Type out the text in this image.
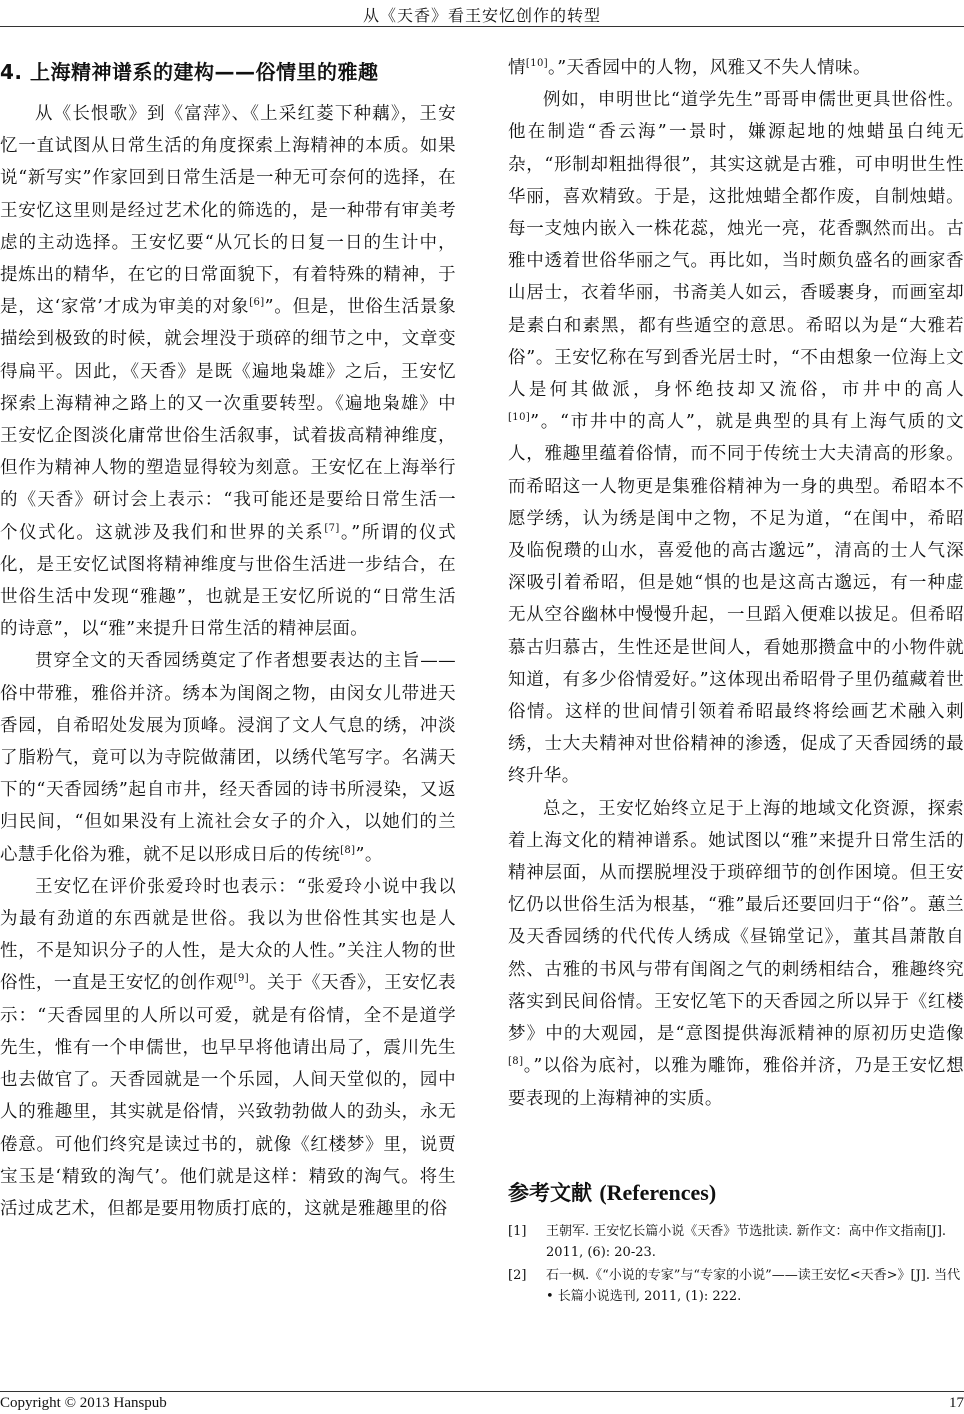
从《天香》看王安忆创作的转型
4. 上海精神谱系的建构——俗情里的雅趣

从《长恨歌》到《富萍》、《上采红菱下种藕》，王安忆一直试图从日常生活的角度探索上海精神的本质。如果说“新写实”作家回到日常生活是一种无可奈何的选择，在王安忆这里则是经过艺术化的筛选的，是一种带有审美考虑的主动选择。王安忆要“从冗长的日复一日的生计中，提炼出的精华，在它的日常面貌下，有着特殊的精神，于是，这‘家常’才成为审美的对象[6]”。但是，世俗生活景象描绘到极致的时候，就会埋没于琐碎的细节之中，文章变得扁平。因此，《天香》是既《遍地枭雄》之后，王安忆探索上海精神之路上的又一次重要转型。《遍地枭雄》中王安忆企图淡化庸常世俗生活叙事，试着拔高精神维度，但作为精神人物的塑造显得较为刻意。王安忆在上海举行的《天香》研讨会上表示：“我可能还是要给日常生活一个仪式化。这就涉及我们和世界的关系[7]。”所谓的仪式化，是王安忆试图将精神维度与世俗生活进一步结合，在世俗生活中发现“雅趣”，也就是王安忆所说的“日常生活的诗意”，以“雅”来提升日常生活的精神层面。

贯穿全文的天香园绣奠定了作者想要表达的主旨——俗中带雅，雅俗并济。绣本为闺阁之物，由闵女儿带进天香园，自希昭处发展为顶峰。浸润了文人气息的绣，冲淡了脂粉气，竟可以为寺院做蒲团，以绣代笔写字。名满天下的“天香园绣”起自市井，经天香园的诗书所浸染，又返归民间，“但如果没有上流社会女子的介入，以她们的兰心慧手化俗为雅，就不足以形成日后的传统[8]”。

王安忆在评价张爱玲时也表示：“张爱玲小说中我以为最有劲道的东西就是世俗。我以为世俗性其实也是人性，不是知识分子的人性，是大众的人性。”关注人物的世俗性，一直是王安忆的创作观[9]。关于《天香》，王安忆表示：“天香园里的人所以可爱，就是有俗情，全不是道学先生，惟有一个申儒世，也早早将他请出局了，震川先生也去做官了。天香园就是一个乐园，人间天堂似的，园中人的雅趣里，其实就是俗情，兴致勃勃做人的劲头，永无倦意。可他们终究是读过书的，就像《红楼梦》里，说贾宝玉是‘精致的淘气’。他们就是这样：精致的淘气。将生活过成艺术，但都是要用物质打底的，这就是雅趣里的俗

情[10]。”天香园中的人物，风雅又不失人情味。

例如，申明世比“道学先生”哥哥申儒世更具世俗性。他在制造“香云海”一景时，嫌源起地的烛蜡虽白纯无杂，“形制却粗拙得很”，其实这就是古雅，可申明世生性华丽，喜欢精致。于是，这批烛蜡全都作废，自制烛蜡。每一支烛内嵌入一株花蕊，烛光一亮，花香飘然而出。古雅中透着世俗华丽之气。再比如，当时颇负盛名的画家香山居士，衣着华丽，书斋美人如云，香暖裹身，而画室却是素白和素黑，都有些遁空的意思。希昭以为是“大雅若俗”。王安忆称在写到香光居士时，“不由想象一位海上文人是何其做派，身怀绝技却又流俗，市井中的高人[10]”。“市井中的高人”，就是典型的具有上海气质的文人，雅趣里蕴着俗情，而不同于传统士大夫清高的形象。而希昭这一人物更是集雅俗精神为一身的典型。希昭本不愿学绣，认为绣是闺中之物，不足为道，“在闺中，希昭及临倪瓒的山水，喜爱他的高古邈远”，清高的士人气深深吸引着希昭，但是她“惧的也是这高古邈远，有一种虚无从空谷幽林中慢慢升起，一旦蹈入便难以拔足。但希昭慕古归慕古，生性还是世间人，看她那攒盒中的小物件就知道，有多少俗情爱好。”这体现出希昭骨子里仍蕴藏着世俗情。这样的世间情引领着希昭最终将绘画艺术融入刺绣，士大夫精神对世俗精神的渗透，促成了天香园绣的最终升华。

总之，王安忆始终立足于上海的地域文化资源，探索着上海文化的精神谱系。她试图以“雅”来提升日常生活的精神层面，从而摆脱埋没于琐碎细节的创作困境。但王安忆仍以世俗生活为根基，“雅”最后还要回归于“俗”。蕙兰及天香园绣的代代传人绣成《昼锦堂记》，董其昌萧散自然、古雅的书风与带有闺阁之气的刺绣相结合，雅趣终究落实到民间俗情。王安忆笔下的天香园之所以异于《红楼梦》中的大观园，是“意图提供海派精神的原初历史造像[8]。”以俗为底衬，以雅为雕饰，雅俗并济，乃是王安忆想要表现的上海精神的实质。

参考文献 (References)
[1] 王朝军. 王安忆长篇小说《天香》节选批读. 新作文：高中作文指南[J]. 2011, (6): 20-23.
[2] 石一枫.《“小说的专家”与“专家的小说”——读王安忆<天香>》[J]. 当代 • 长篇小说选刊, 2011, (1): 222.
Copyright © 2013 Hanspub	17
